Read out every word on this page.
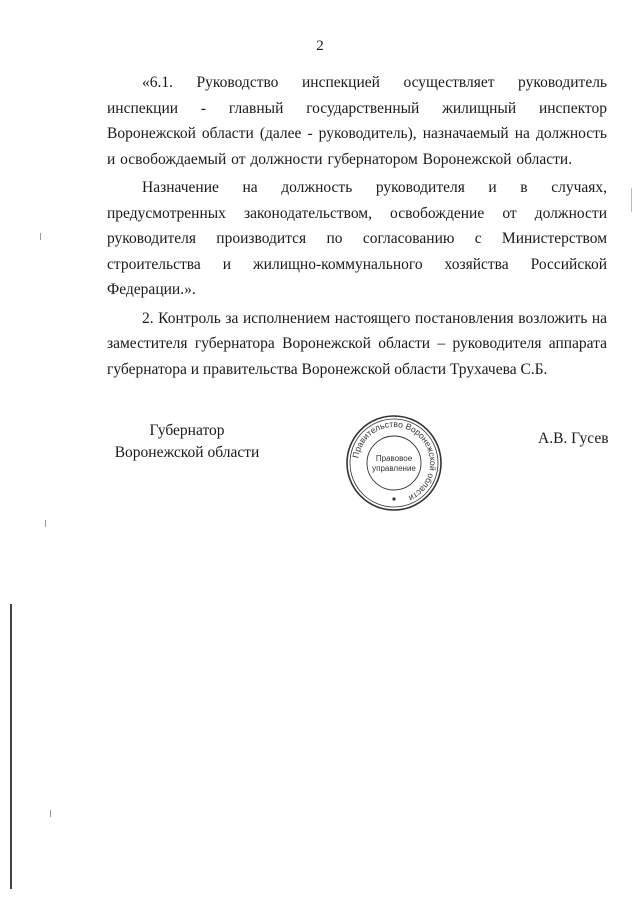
2

«6.1. Руководство инспекцией осуществляет руководитель инспекции - главный государственный жилищный инспектор Воронежской области (далее - руководитель), назначаемый на должность и освобождаемый от должности губернатором Воронежской области.

Назначение на должность руководителя и в случаях, предусмотренных законодательством, освобождение от должности руководителя производится по согласованию с Министерством строительства и жилищно-коммунального хозяйства Российской Федерации.».

2. Контроль за исполнением настоящего постановления возложить на заместителя губернатора Воронежской области – руководителя аппарата губернатора и правительства Воронежской области Трухачева С.Б.

Губернатор
Воронежской области	Правительство Воронежской области
Правовое
управление
А.В. Гусев
